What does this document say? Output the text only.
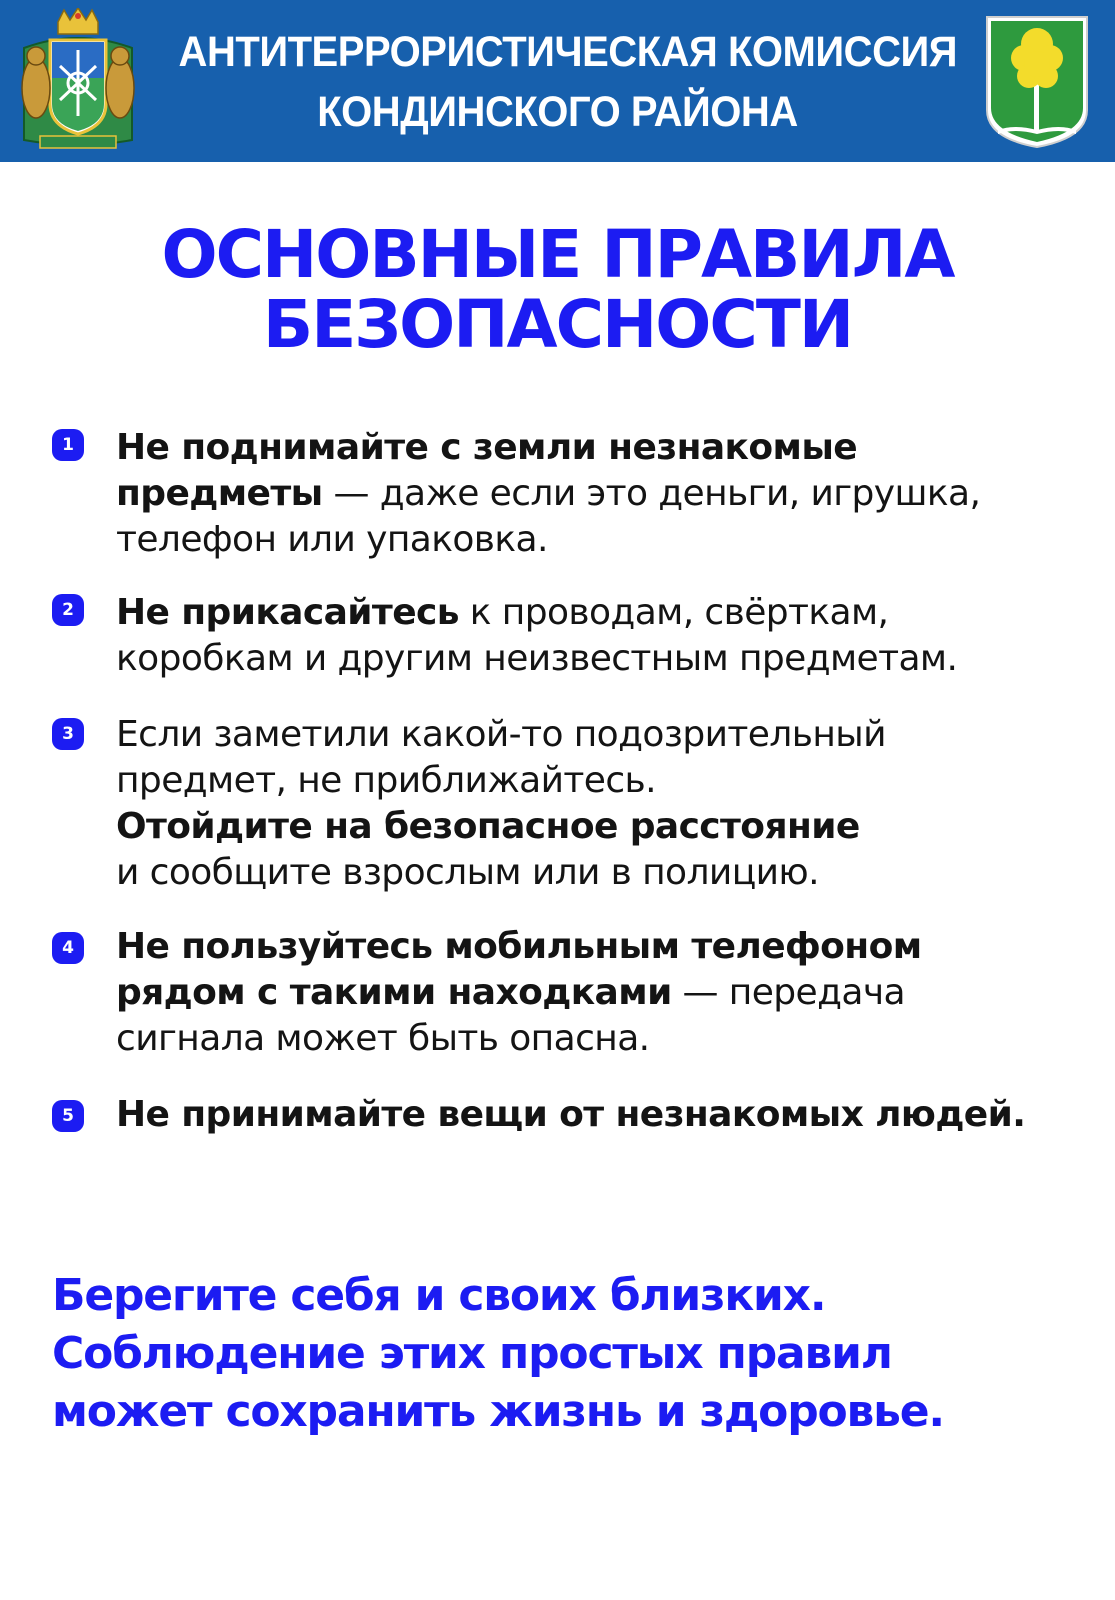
АНТИТЕРРОРИСТИЧЕСКАЯ КОМИССИЯ
КОНДИНСКОГО РАЙОНА
ОСНОВНЫЕ ПРАВИЛА
БЕЗОПАСНОСТИ
1 Не поднимайте с земли незнакомые
предметы — даже если это деньги, игрушка,
телефон или упаковка.
2 Не прикасайтесь к проводам, свёрткам,
коробкам и другим неизвестным предметам.
3 Если заметили какой-то подозрительный
предмет, не приближайтесь.
Отойдите на безопасное расстояние
и сообщите взрослым или в полицию.
4 Не пользуйтесь мобильным телефоном
рядом с такими находками — передача
сигнала может быть опасна.
5 Не принимайте вещи от незнакомых людей.
Берегите себя и своих близких.
Соблюдение этих простых правил
может сохранить жизнь и здоровье.
